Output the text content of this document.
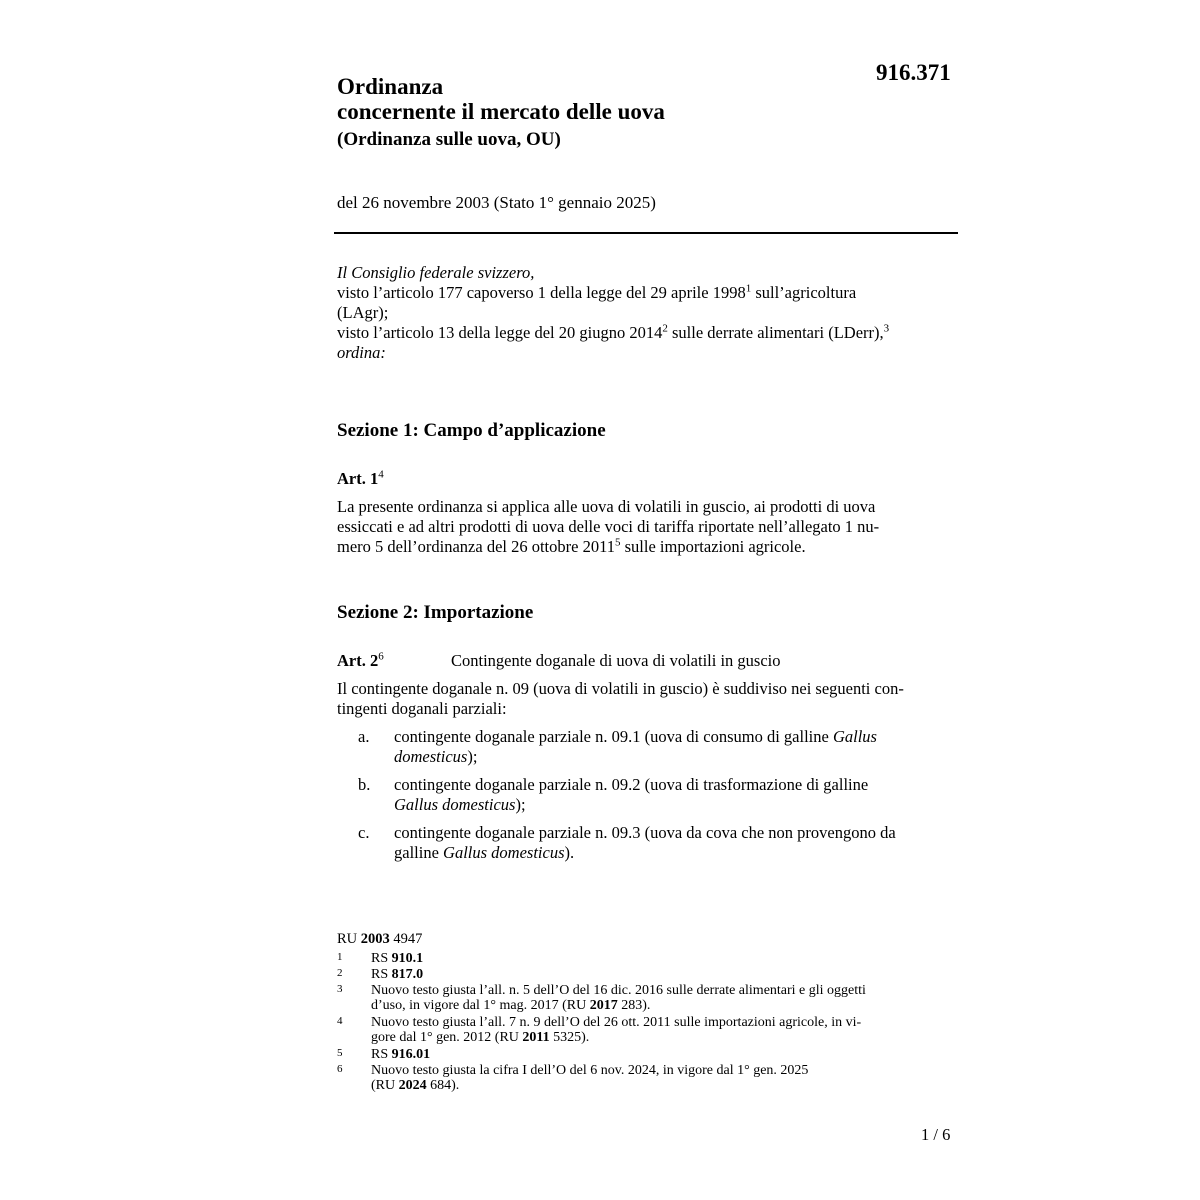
916.371
Ordinanza
concernente il mercato delle uova
(Ordinanza sulle uova, OU)
del 26 novembre 2003 (Stato 1° gennaio 2025)
Il Consiglio federale svizzero,
visto l’articolo 177 capoverso 1 della legge del 29 aprile 1998$^1$ sull’agricoltura
(LAgr);
visto l’articolo 13 della legge del 20 giugno 2014$^2$ sulle derrate alimentari (LDerr),$^3$
ordina:
Sezione 1: Campo d’applicazione
Art. $1^4$
La presente ordinanza si applica alle uova di volatili in guscio, ai prodotti di uova
essiccati e ad altri prodotti di uova delle voci di tariffa riportate nell’allegato 1 nu-
mero 5 dell’ordinanza del 26 ottobre 2011$^5$ sulle importazioni agricole.
Sezione 2: Importazione
Art. $2^6$	Contingente doganale di uova di volatili in guscio
Il contingente doganale n. 09 (uova di volatili in guscio) è suddiviso nei seguenti con-
tingenti doganali parziali:
a. contingente doganale parziale n. 09.1 (uova di consumo di galline Gallus
domesticus);
b. contingente doganale parziale n. 09.2 (uova di trasformazione di galline
Gallus domesticus);
c. contingente doganale parziale n. 09.3 (uova da cova che non provengono da
galline Gallus domesticus).
RU 2003 4947
1 RS 910.1
2 RS 817.0
3 Nuovo testo giusta l’all. n. 5 dell’O del 16 dic. 2016 sulle derrate alimentari e gli oggetti
d’uso, in vigore dal 1° mag. 2017 (RU 2017 283).
4 Nuovo testo giusta l’all. 7 n. 9 dell’O del 26 ott. 2011 sulle importazioni agricole, in vi-
gore dal 1° gen. 2012 (RU 2011 5325).
5 RS 916.01
6 Nuovo testo giusta la cifra I dell’O del 6 nov. 2024, in vigore dal 1° gen. 2025
(RU 2024 684).
1 / 6
